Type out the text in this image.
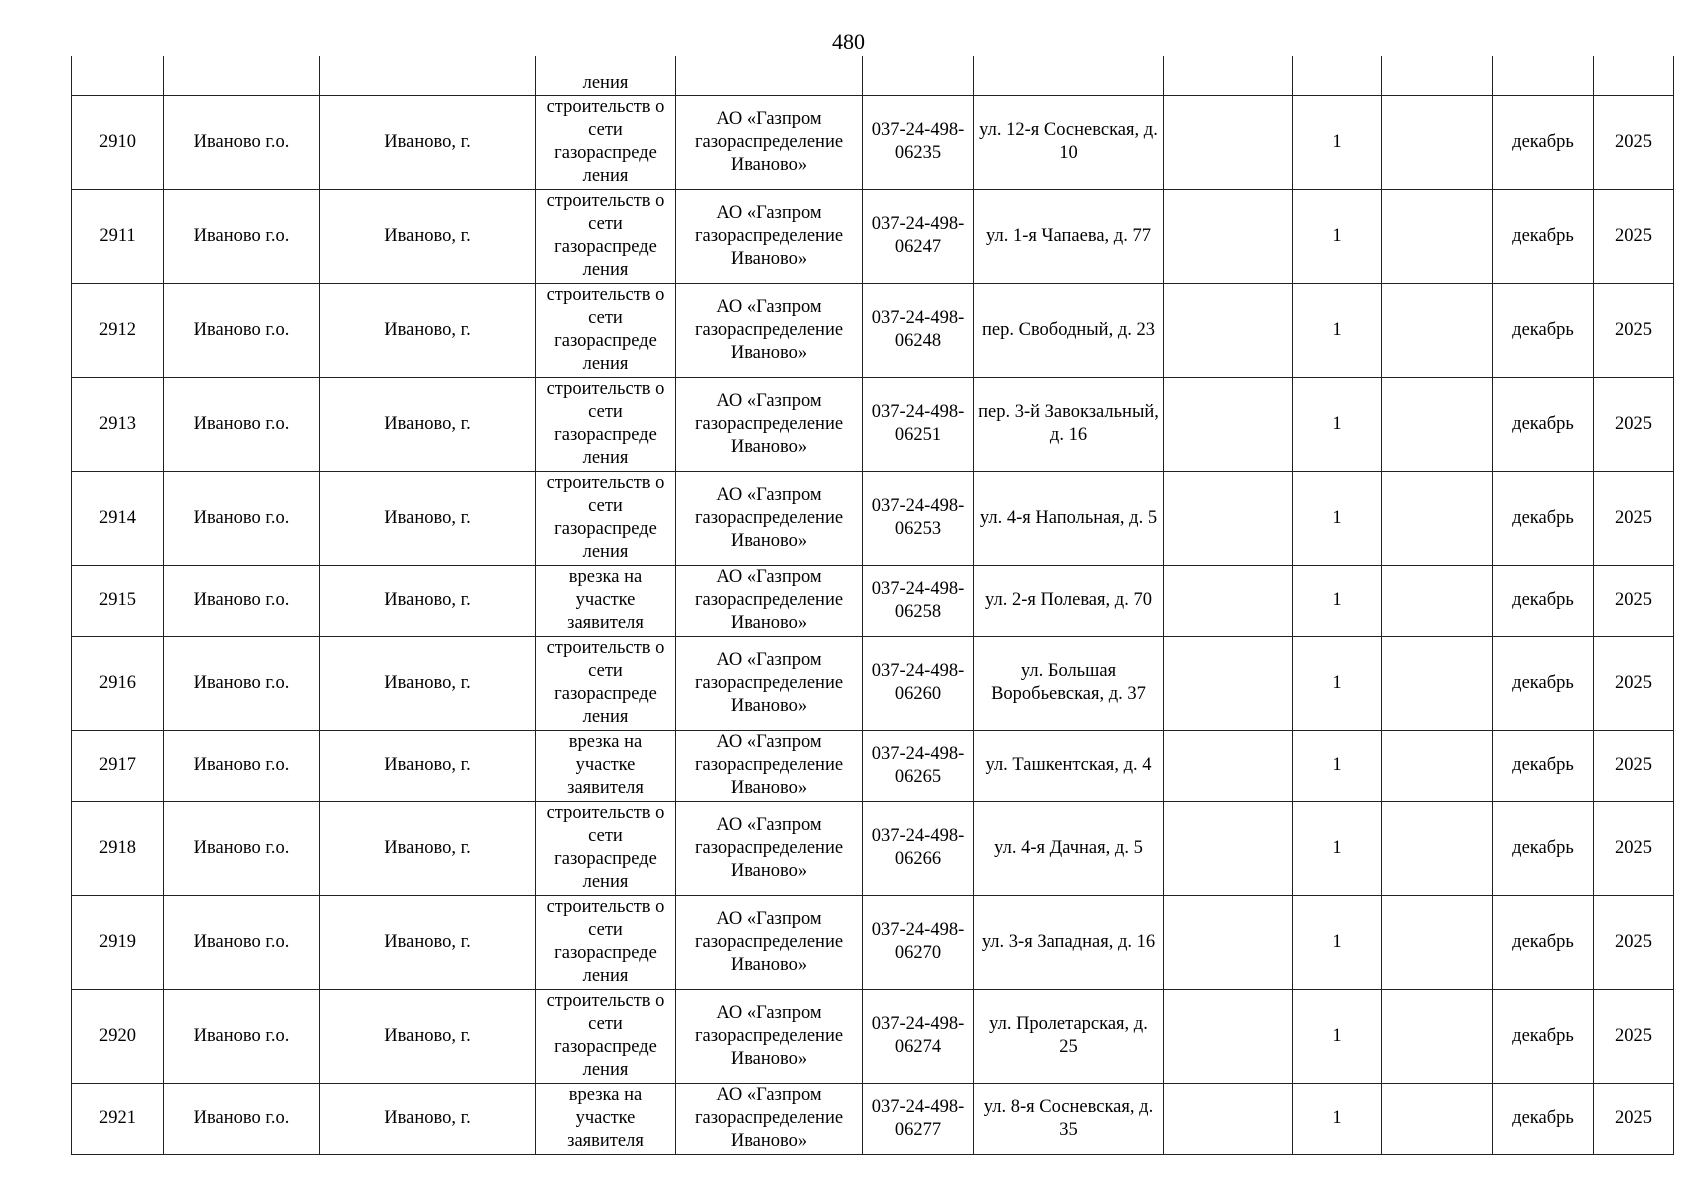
480
			ления								
2910	Иваново г.о.	Иваново, г.	строительств о сети газораспреде ления	АО «Газпром газораспределение Иваново»	037-24-498-06235	ул. 12-я Сосневская, д. 10		1		декабрь	2025
2911	Иваново г.о.	Иваново, г.	строительств о сети газораспреде ления	АО «Газпром газораспределение Иваново»	037-24-498-06247	ул. 1-я Чапаева, д. 77		1		декабрь	2025
2912	Иваново г.о.	Иваново, г.	строительств о сети газораспреде ления	АО «Газпром газораспределение Иваново»	037-24-498-06248	пер. Свободный, д. 23		1		декабрь	2025
2913	Иваново г.о.	Иваново, г.	строительств о сети газораспреде ления	АО «Газпром газораспределение Иваново»	037-24-498-06251	пер. 3-й Завокзальный, д. 16		1		декабрь	2025
2914	Иваново г.о.	Иваново, г.	строительств о сети газораспреде ления	АО «Газпром газораспределение Иваново»	037-24-498-06253	ул. 4-я Напольная, д. 5		1		декабрь	2025
2915	Иваново г.о.	Иваново, г.	врезка на участке заявителя	АО «Газпром газораспределение Иваново»	037-24-498-06258	ул. 2-я Полевая, д. 70		1		декабрь	2025
2916	Иваново г.о.	Иваново, г.	строительств о сети газораспреде ления	АО «Газпром газораспределение Иваново»	037-24-498-06260	ул. Большая Воробьевская, д. 37		1		декабрь	2025
2917	Иваново г.о.	Иваново, г.	врезка на участке заявителя	АО «Газпром газораспределение Иваново»	037-24-498-06265	ул. Ташкентская, д. 4		1		декабрь	2025
2918	Иваново г.о.	Иваново, г.	строительств о сети газораспреде ления	АО «Газпром газораспределение Иваново»	037-24-498-06266	ул. 4-я Дачная, д. 5		1		декабрь	2025
2919	Иваново г.о.	Иваново, г.	строительств о сети газораспреде ления	АО «Газпром газораспределение Иваново»	037-24-498-06270	ул. 3-я Западная, д. 16		1		декабрь	2025
2920	Иваново г.о.	Иваново, г.	строительств о сети газораспреде ления	АО «Газпром газораспределение Иваново»	037-24-498-06274	ул. Пролетарская, д. 25		1		декабрь	2025
2921	Иваново г.о.	Иваново, г.	врезка на участке заявителя	АО «Газпром газораспределение Иваново»	037-24-498-06277	ул. 8-я Сосневская, д. 35		1		декабрь	2025
